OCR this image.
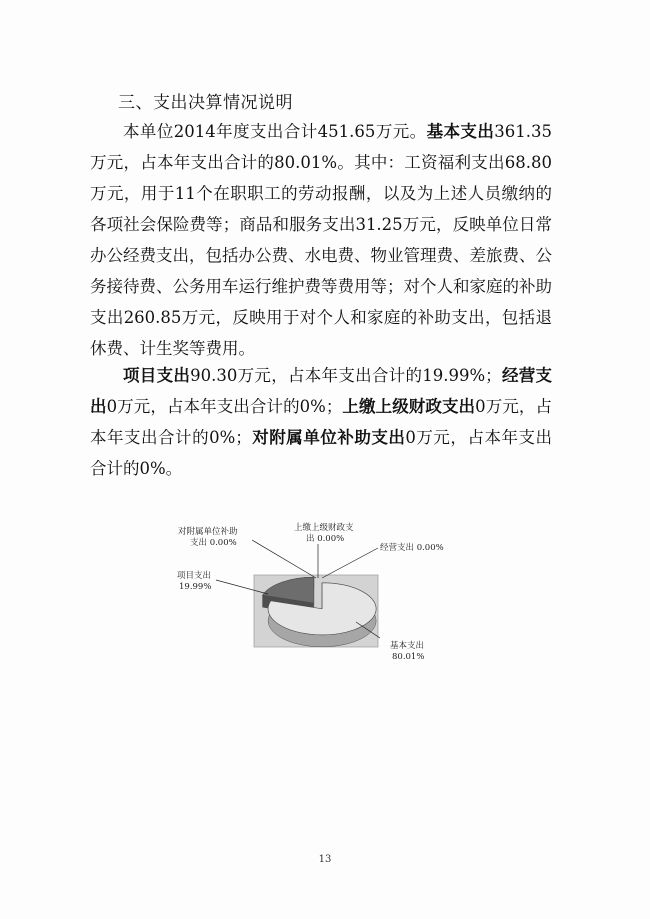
三、支出决算情况说明

本单位2014年度支出合计451.65万元。基本支出361.35万元，占本年支出合计的80.01%。其中：工资福利支出68.80万元，用于11个在职职工的劳动报酬，以及为上述人员缴纳的各项社会保险费等；商品和服务支出31.25万元，反映单位日常办公经费支出，包括办公费、水电费、物业管理费、差旅费、公务接待费、公务用车运行维护费等费用等；对个人和家庭的补助支出260.85万元，反映用于对个人和家庭的补助支出，包括退休费、计生奖等费用。

项目支出90.30万元，占本年支出合计的19.99%；经营支出0万元，占本年支出合计的0%；上缴上级财政支出0万元，占本年支出合计的0%；对附属单位补助支出0万元，占本年支出合计的0%。

基本支出
80.01%
项目支出
19.99%
经营支出 0.00%
上缴上级财政支
出 0.00%
对附属单位补助
支出 0.00%
13
